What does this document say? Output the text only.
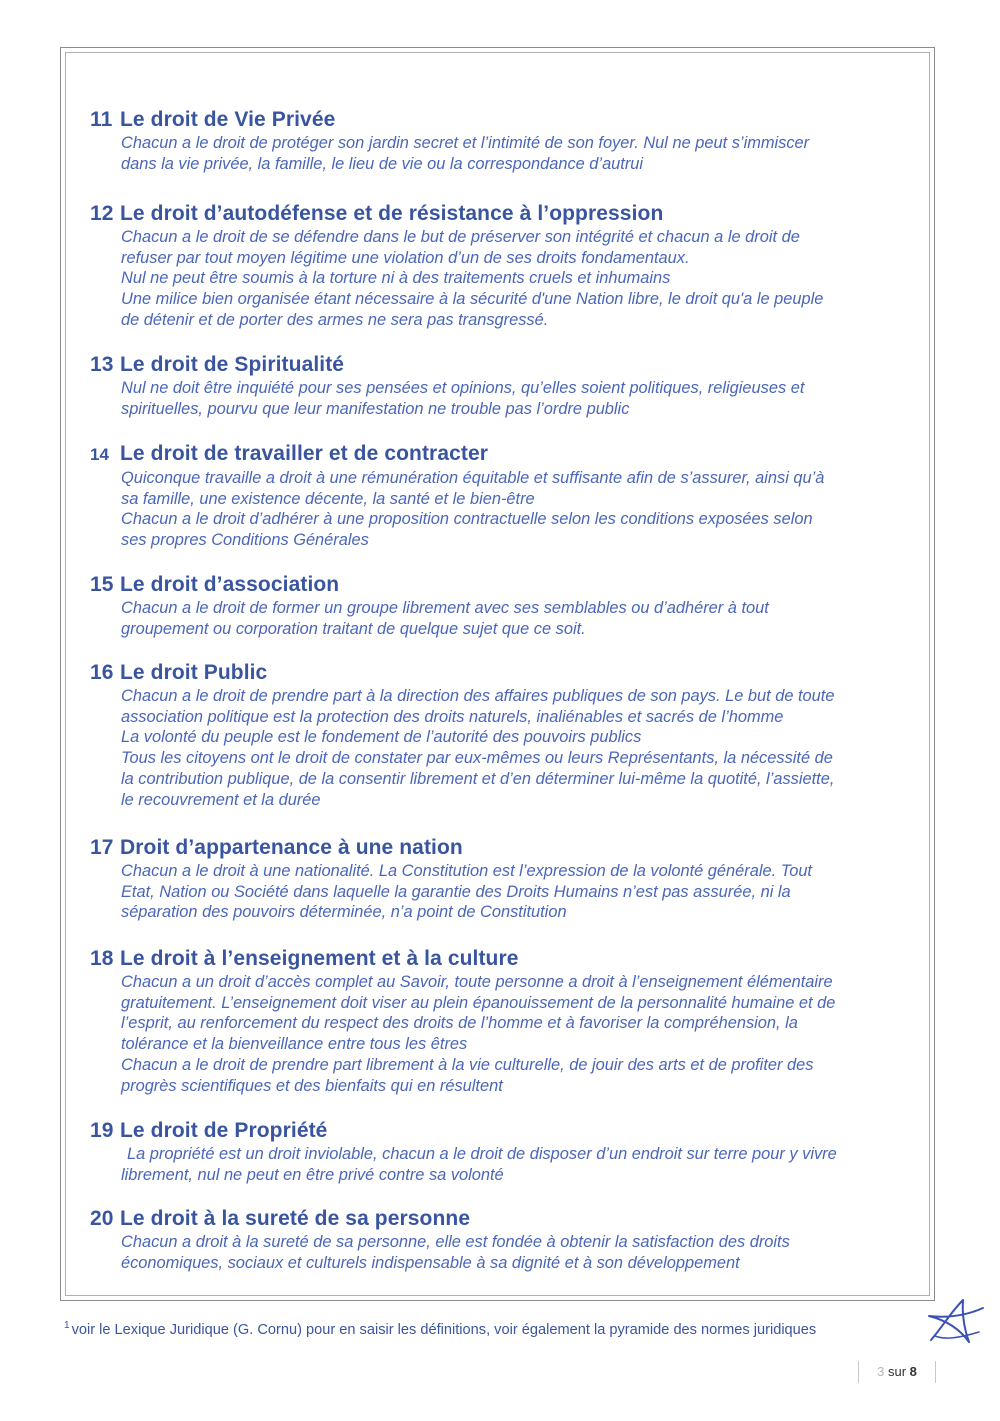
11 Le droit de Vie Privée
Chacun a le droit de protéger son jardin secret et l’intimité de son foyer. Nul ne peut s’immiscer
dans la vie privée, la famille, le lieu de vie ou la correspondance d’autrui
12 Le droit d’autodéfense et de résistance à l’oppression
Chacun a le droit de se défendre dans le but de préserver son intégrité et chacun a le droit de
refuser par tout moyen légitime une violation d’un de ses droits fondamentaux.
Nul ne peut être soumis à la torture ni à des traitements cruels et inhumains
Une milice bien organisée étant nécessaire à la sécurité d'une Nation libre, le droit qu'a le peuple
de détenir et de porter des armes ne sera pas transgressé.
13 Le droit de Spiritualité
Nul ne doit être inquiété pour ses pensées et opinions, qu’elles soient politiques, religieuses et
spirituelles, pourvu que leur manifestation ne trouble pas l’ordre public
14 Le droit de travailler et de contracter
Quiconque travaille a droit à une rémunération équitable et suffisante afin de s’assurer, ainsi qu’à
sa famille, une existence décente, la santé et le bien-être
Chacun a le droit d’adhérer à une proposition contractuelle selon les conditions exposées selon
ses propres Conditions Générales
15 Le droit d’association
Chacun a le droit de former un groupe librement avec ses semblables ou d’adhérer à tout
groupement ou corporation traitant de quelque sujet que ce soit.
16 Le droit Public
Chacun a le droit de prendre part à la direction des affaires publiques de son pays. Le but de toute
association politique est la protection des droits naturels, inaliénables et sacrés de l’homme
La volonté du peuple est le fondement de l’autorité des pouvoirs publics
Tous les citoyens ont le droit de constater par eux-mêmes ou leurs Représentants, la nécessité de
la contribution publique, de la consentir librement et d’en déterminer lui-même la quotité, l’assiette,
le recouvrement et la durée
17 Droit d’appartenance à une nation
Chacun a le droit à une nationalité. La Constitution est l’expression de la volonté générale. Tout
Etat, Nation ou Société dans laquelle la garantie des Droits Humains n’est pas assurée, ni la
séparation des pouvoirs déterminée, n’a point de Constitution
18 Le droit à l’enseignement et à la culture
Chacun a un droit d’accès complet au Savoir, toute personne a droit à l’enseignement élémentaire
gratuitement. L’enseignement doit viser au plein épanouissement de la personnalité humaine et de
l’esprit, au renforcement du respect des droits de l’homme et à favoriser la compréhension, la
tolérance et la bienveillance entre tous les êtres
Chacun a le droit de prendre part librement à la vie culturelle, de jouir des arts et de profiter des
progrès scientifiques et des bienfaits qui en résultent
19 Le droit de Propriété
La propriété est un droit inviolable, chacun a le droit de disposer d’un endroit sur terre pour y vivre
librement, nul ne peut en être privé contre sa volonté
20 Le droit à la sureté de sa personne
Chacun a droit à la sureté de sa personne, elle est fondée à obtenir la satisfaction des droits
économiques, sociaux et culturels indispensable à sa dignité et à son développement
$^1$ voir le Lexique Juridique (G. Cornu) pour en saisir les définitions, voir également la pyramide des normes juridiques
3 sur 8
